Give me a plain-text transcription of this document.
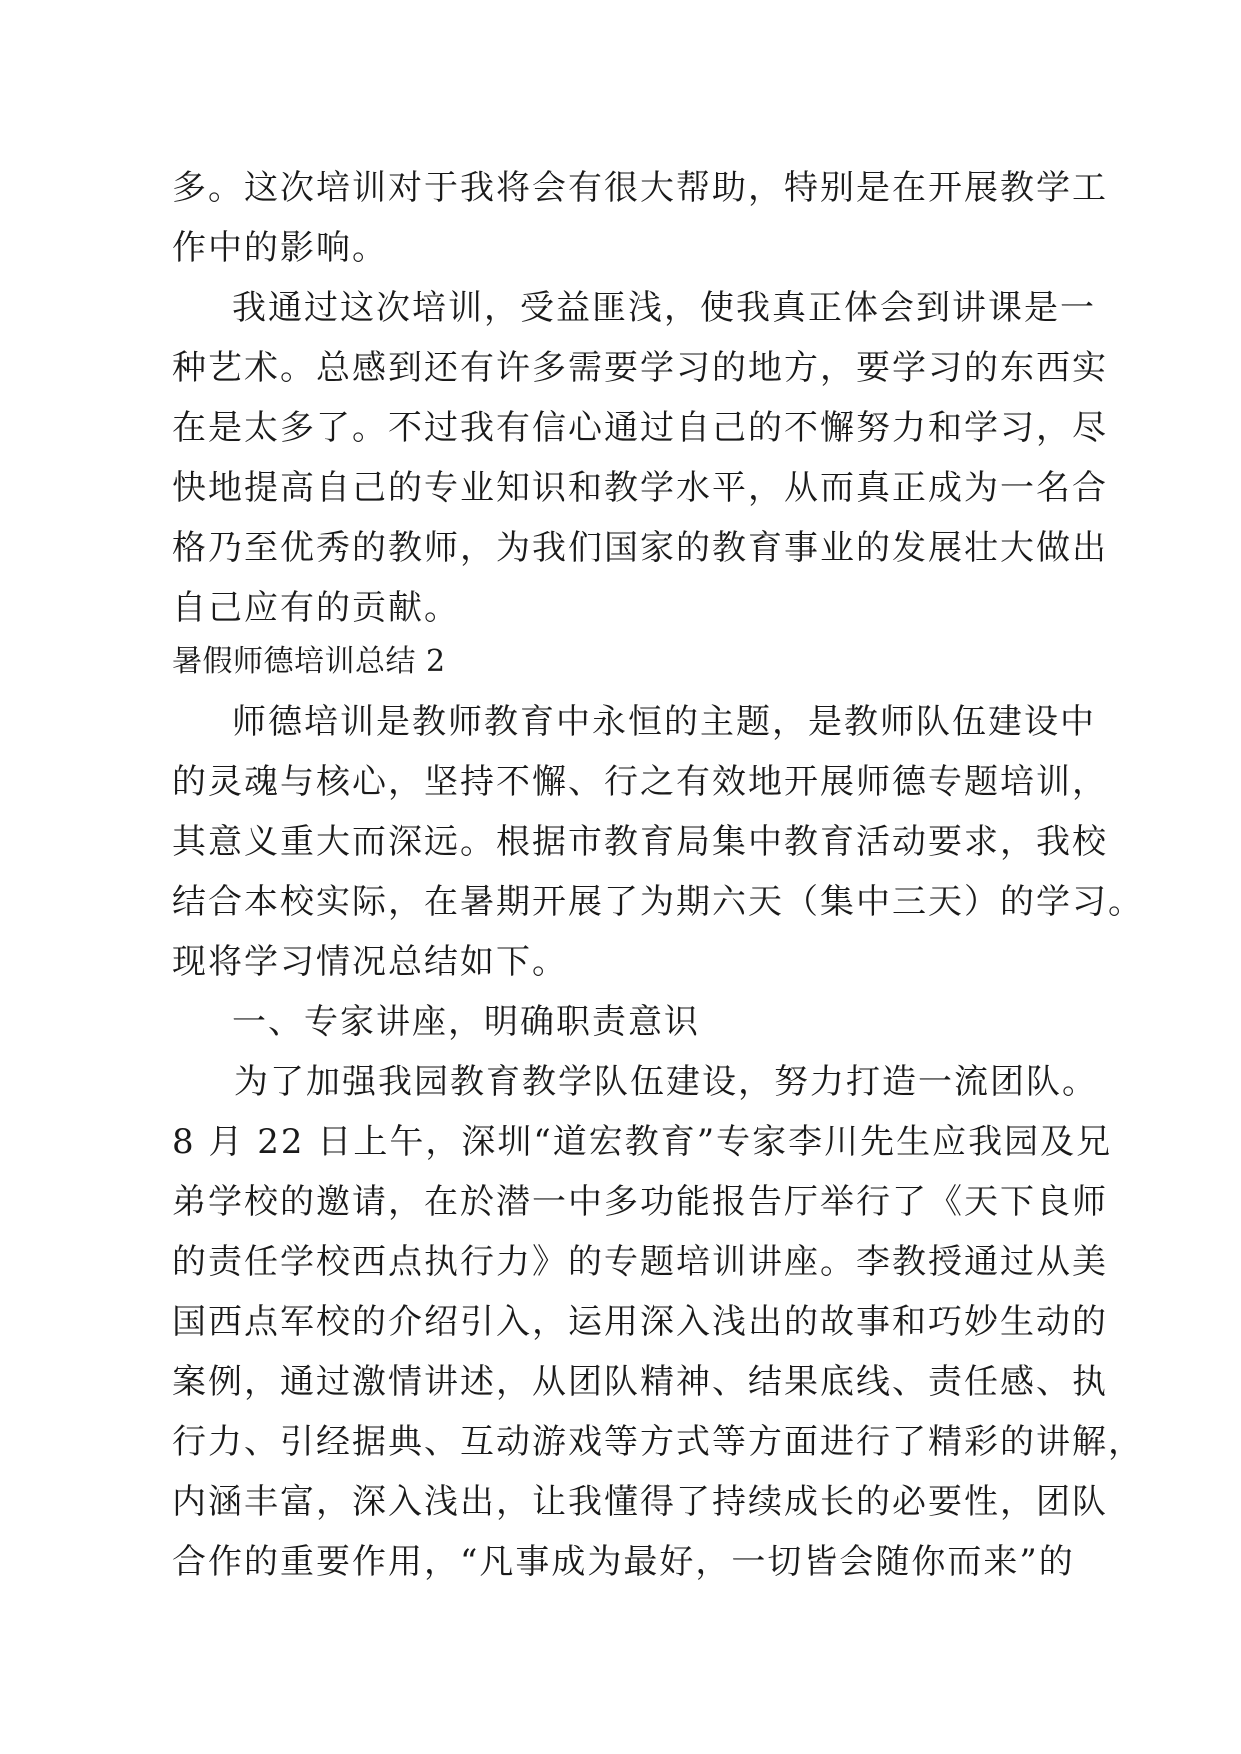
多。这次培训对于我将会有很大帮助，特别是在开展教学工
作中的影响。
我通过这次培训，受益匪浅，使我真正体会到讲课是一
种艺术。总感到还有许多需要学习的地方，要学习的东西实
在是太多了。不过我有信心通过自己的不懈努力和学习，尽
快地提高自己的专业知识和教学水平，从而真正成为一名合
格乃至优秀的教师，为我们国家的教育事业的发展壮大做出
自己应有的贡献。
暑假师德培训总结 2
师德培训是教师教育中永恒的主题，是教师队伍建设中
的灵魂与核心，坚持不懈、行之有效地开展师德专题培训，
其意义重大而深远。根据市教育局集中教育活动要求，我校
结合本校实际，在暑期开展了为期六天（集中三天）的学习。
现将学习情况总结如下。
一、专家讲座，明确职责意识
为了加强我园教育教学队伍建设，努力打造一流团队。
8 月 22 日上午，深圳“道宏教育”专家李川先生应我园及兄
弟学校的邀请，在於潜一中多功能报告厅举行了《天下良师
的责任学校西点执行力》的专题培训讲座。李教授通过从美
国西点军校的介绍引入，运用深入浅出的故事和巧妙生动的
案例，通过激情讲述，从团队精神、结果底线、责任感、执
行力、引经据典、互动游戏等方式等方面进行了精彩的讲解，
内涵丰富，深入浅出，让我懂得了持续成长的必要性，团队
合作的重要作用，“凡事成为最好，一切皆会随你而来”的
